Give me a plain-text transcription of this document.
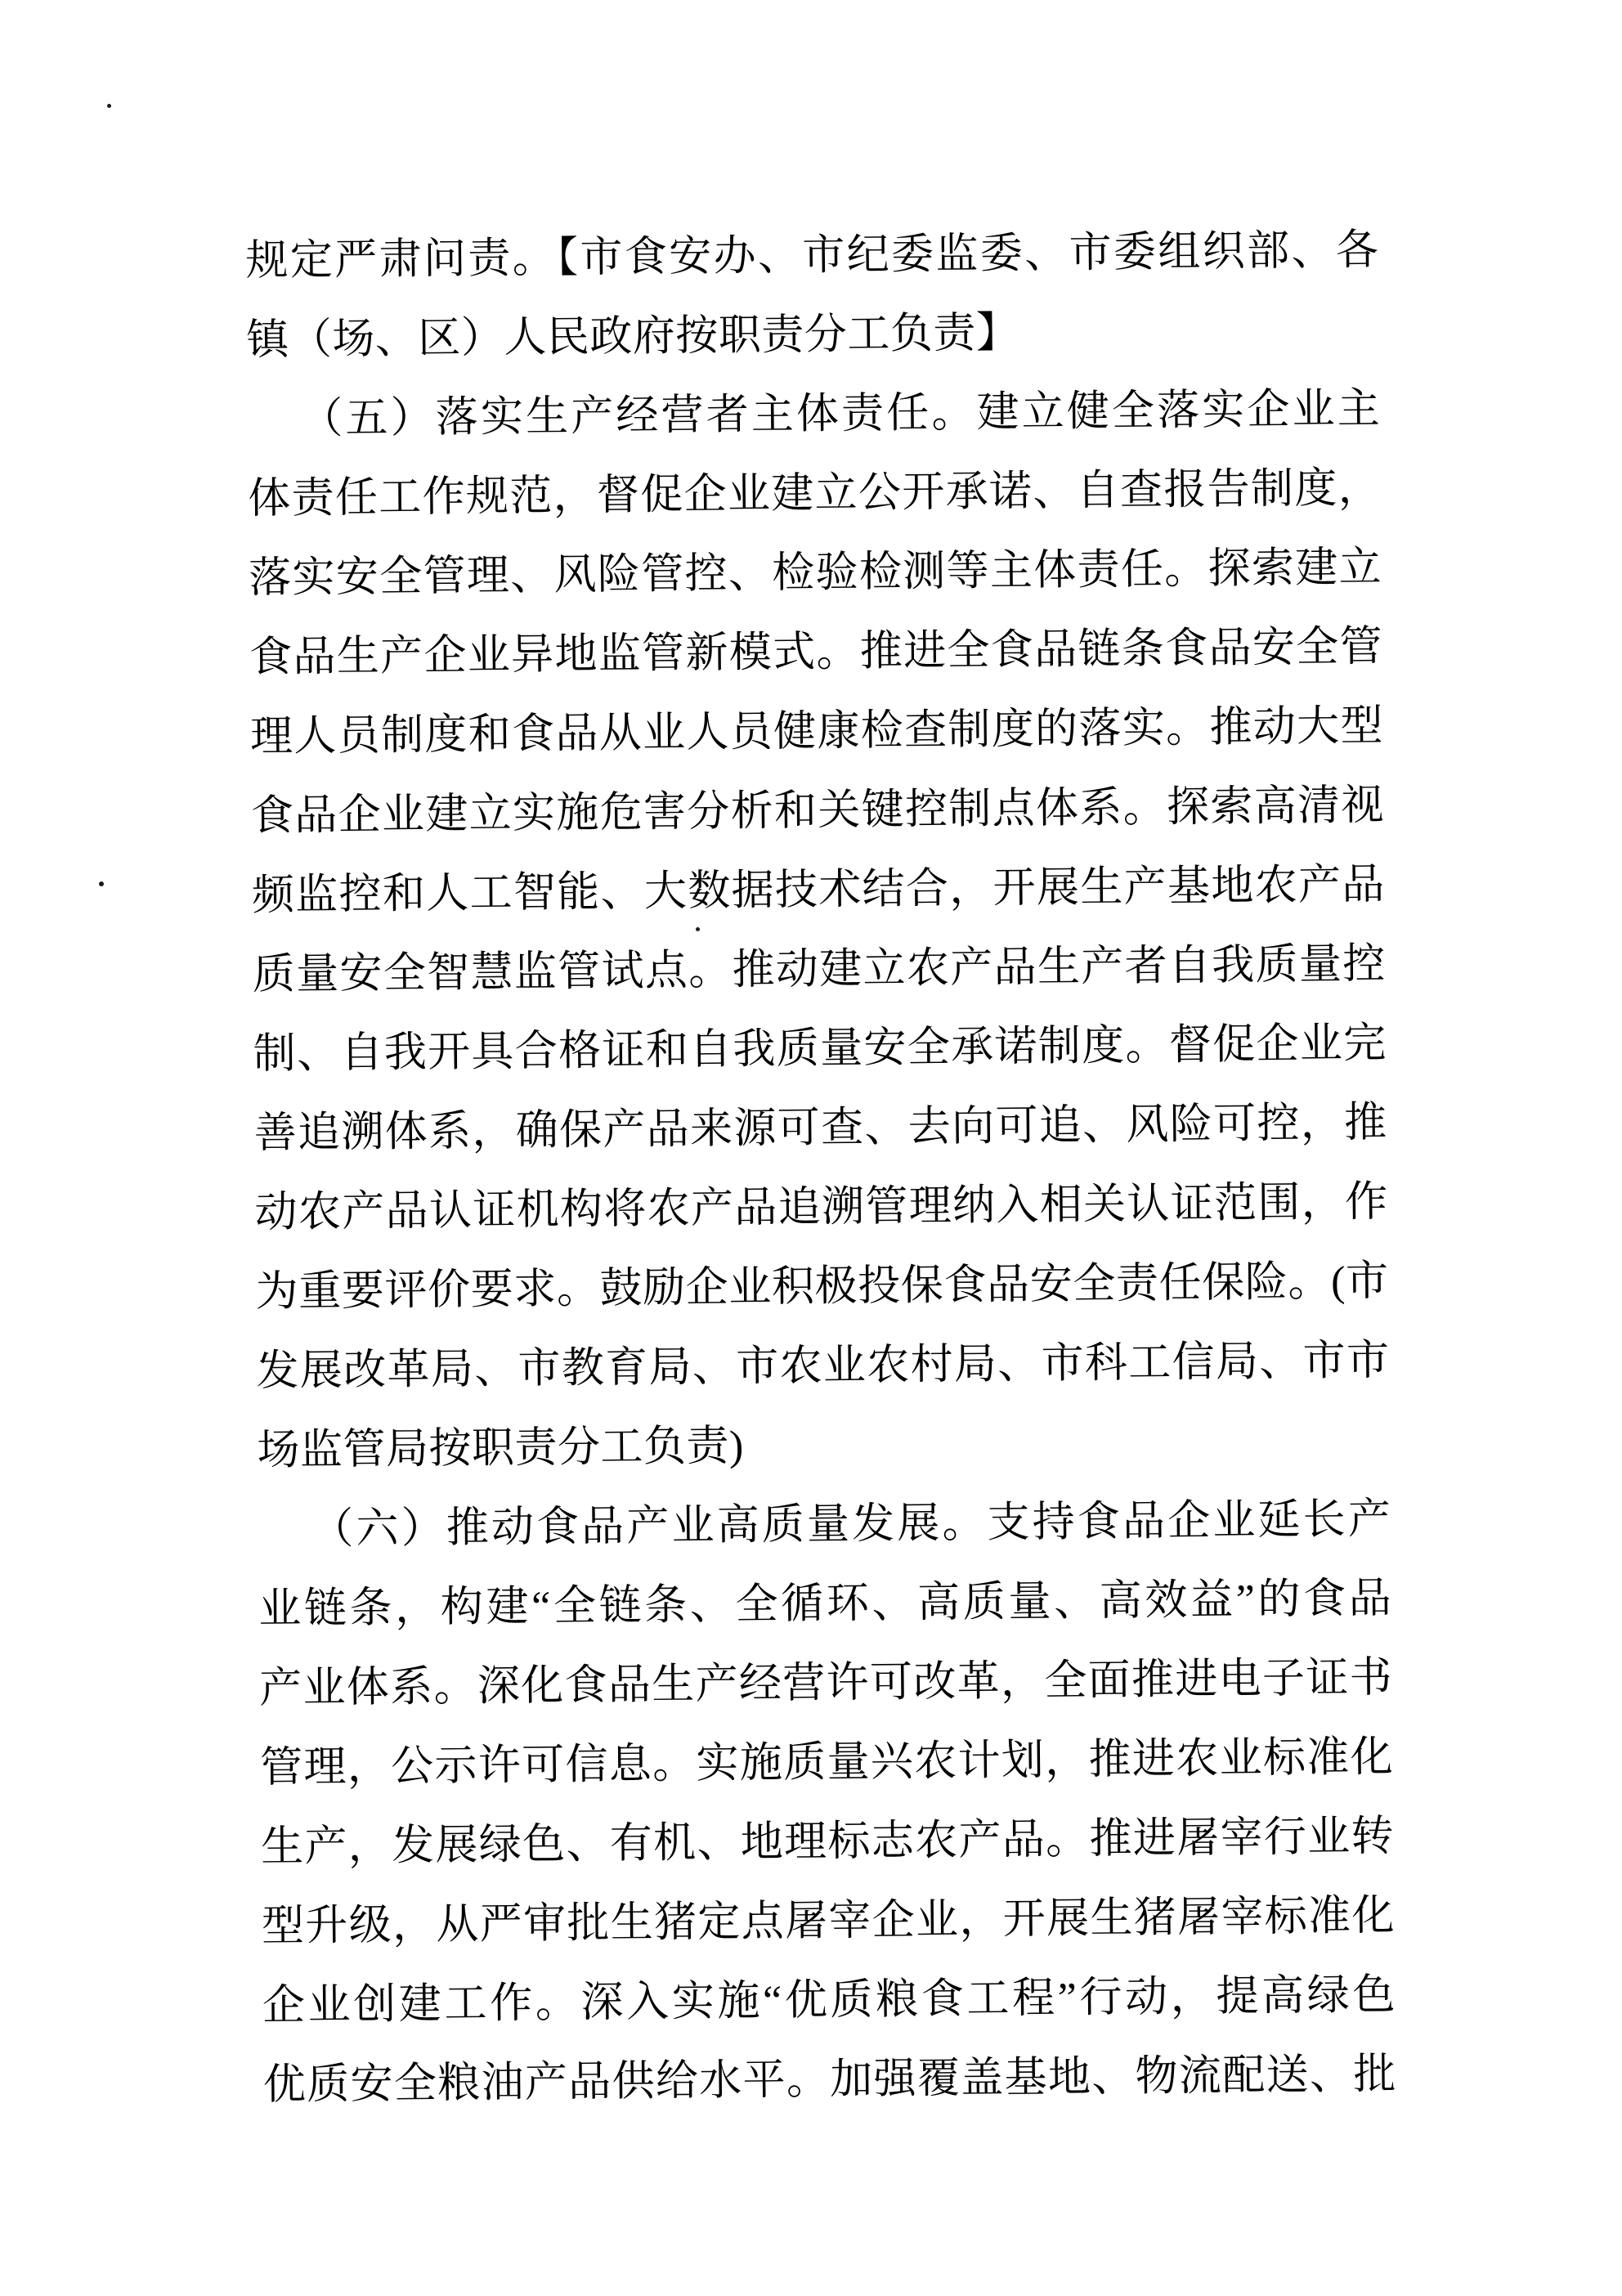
规定严肃问责。【市食安办、市纪委监委、市委组织部、各
镇（场、区）人民政府按职责分工负责】
（五）落实生产经营者主体责任。建立健全落实企业主
体责任工作规范，督促企业建立公开承诺、自查报告制度，
落实安全管理、风险管控、检验检测等主体责任。探索建立
食品生产企业异地监管新模式。推进全食品链条食品安全管
理人员制度和食品从业人员健康检查制度的落实。推动大型
食品企业建立实施危害分析和关键控制点体系。探索高清视
频监控和人工智能、大数据技术结合，开展生产基地农产品
质量安全智慧监管试点。推动建立农产品生产者自我质量控
制、自我开具合格证和自我质量安全承诺制度。督促企业完
善追溯体系，确保产品来源可查、去向可追、风险可控，推
动农产品认证机构将农产品追溯管理纳入相关认证范围，作
为重要评价要求。鼓励企业积极投保食品安全责任保险。(市
发展改革局、市教育局、市农业农村局、市科工信局、市市
场监管局按职责分工负责)
（六）推动食品产业高质量发展。支持食品企业延长产
业链条，构建“全链条、全循环、高质量、高效益”的食品
产业体系。深化食品生产经营许可改革，全面推进电子证书
管理，公示许可信息。实施质量兴农计划，推进农业标准化
生产，发展绿色、有机、地理标志农产品。推进屠宰行业转
型升级，从严审批生猪定点屠宰企业，开展生猪屠宰标准化
企业创建工作。深入实施“优质粮食工程”行动，提高绿色
优质安全粮油产品供给水平。加强覆盖基地、物流配送、批
